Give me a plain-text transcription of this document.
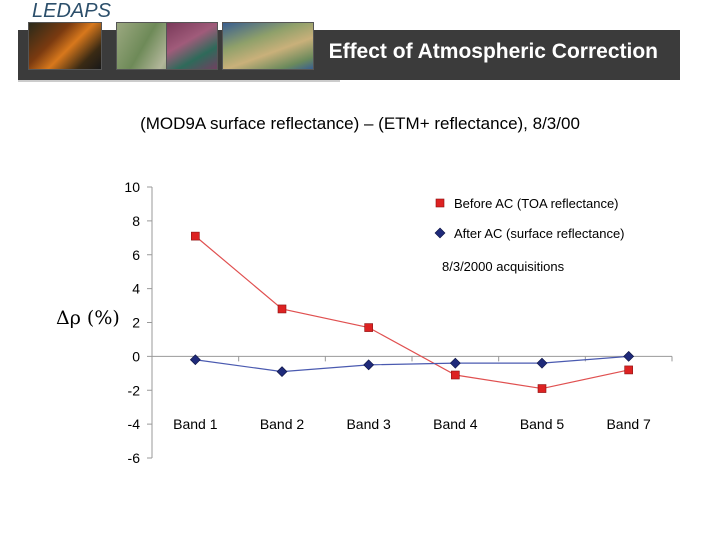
LEDAPS
Effect of Atmospheric Correction
(MOD9A surface reflectance) – (ETM+ reflectance), 8/3/00
Δρ (%)
10
8
6
4
2
0
-2
-4
-6
Band 1	Band 2	Band 3	Band 4	Band 5	Band 7
Before AC (TOA reflectance)
After AC (surface reflectance)
8/3/2000 acquisitions
